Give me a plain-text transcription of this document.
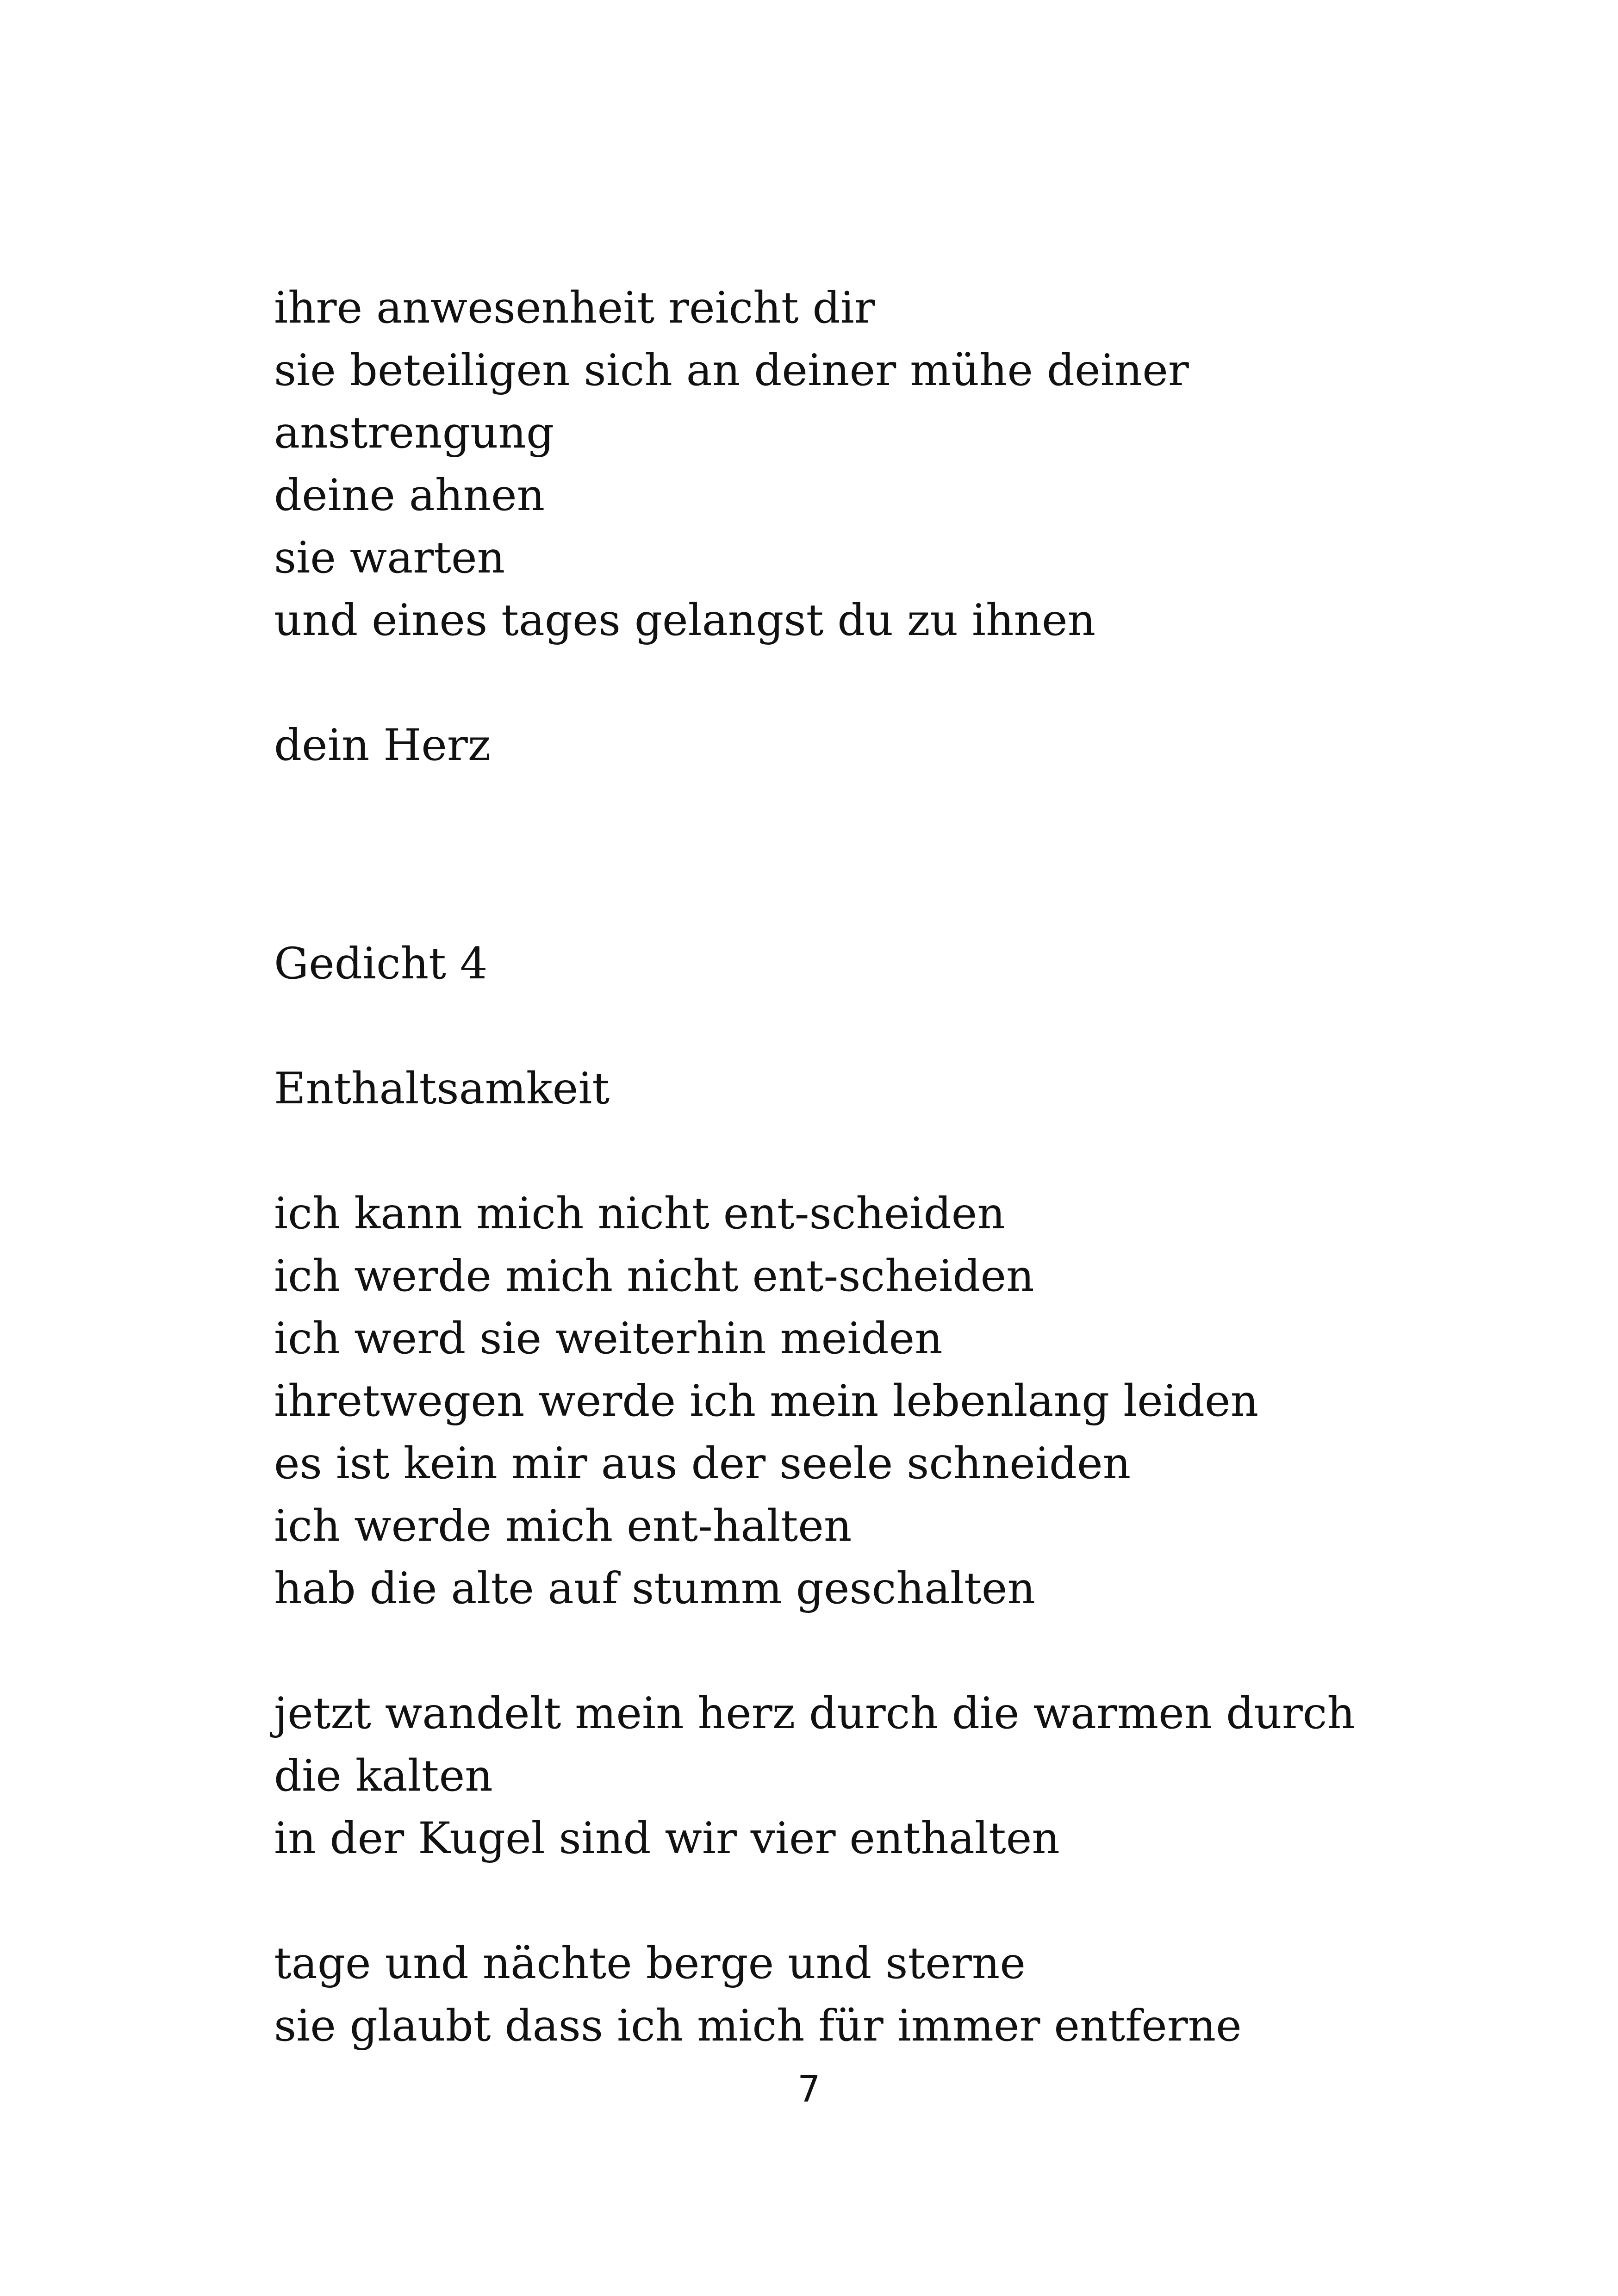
ihre anwesenheit reicht dir
sie beteiligen sich an deiner mühe deiner
anstrengung
deine ahnen
sie warten
und eines tages gelangst du zu ihnen
dein Herz
Gedicht 4
Enthaltsamkeit
ich kann mich nicht ent-scheiden
ich werde mich nicht ent-scheiden
ich werd sie weiterhin meiden
ihretwegen werde ich mein lebenlang leiden
es ist kein mir aus der seele schneiden
ich werde mich ent-halten
hab die alte auf stumm geschalten
jetzt wandelt mein herz durch die warmen durch
die kalten
in der Kugel sind wir vier enthalten
tage und nächte berge und sterne
sie glaubt dass ich mich für immer entferne
7
